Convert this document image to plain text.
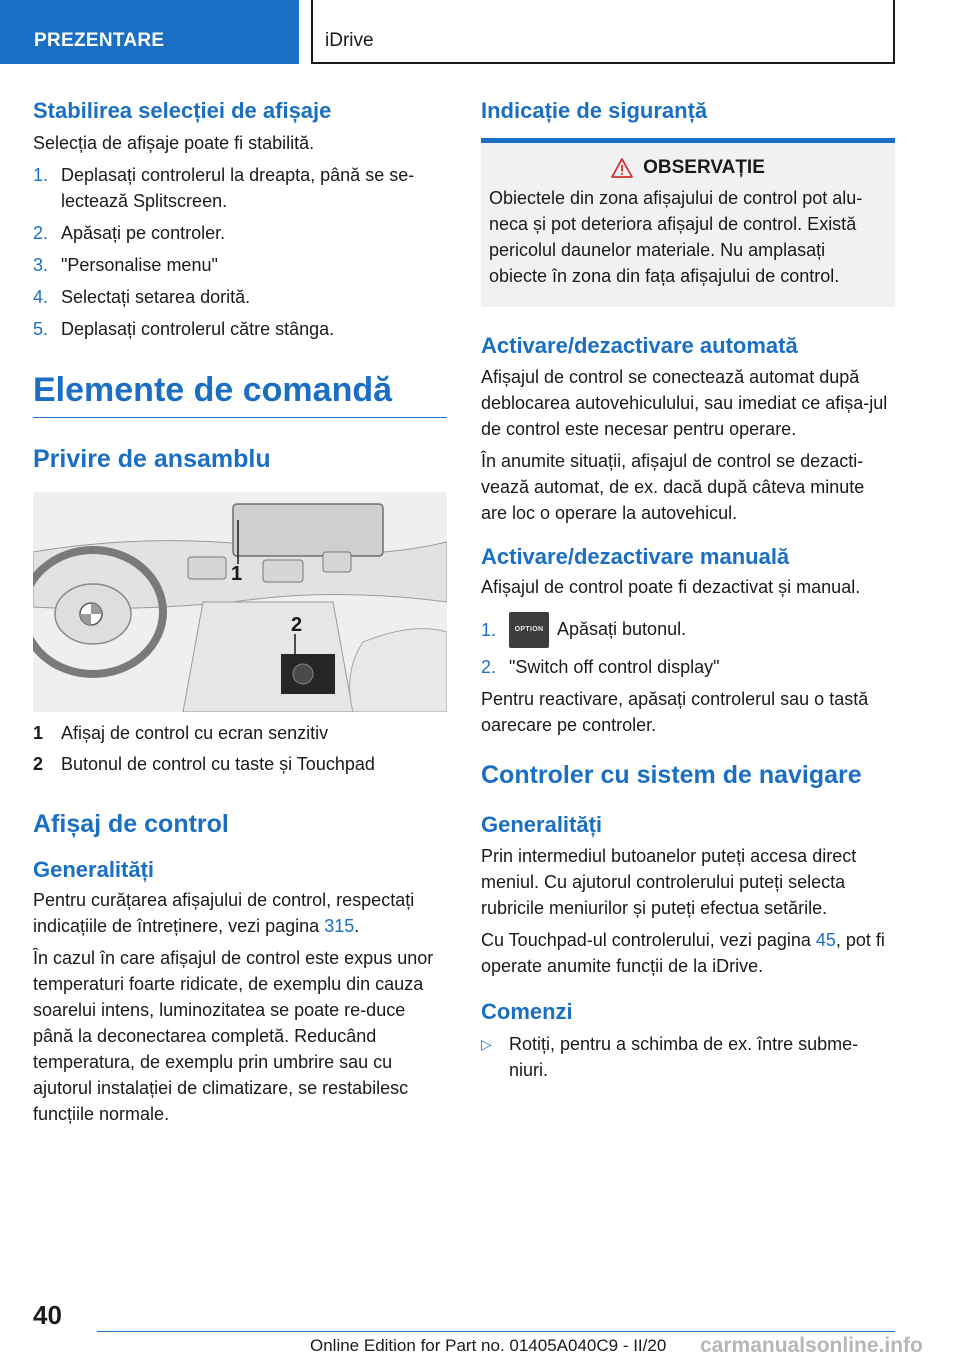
PREZENTARE	iDrive
Stabilirea selecției de afișaje

Selecția de afișaje poate fi stabilită.

1. Deplasați controlerul la dreapta, până se se-lectează Splitscreen.
2. Apăsați pe controler.
3. "Personalise menu"
4. Selectați setarea dorită.
5. Deplasați controlerul către stânga.
Elemente de comandă
Privire de ansamblu
1
2
1 Afișaj de control cu ecran senzitiv
2 Butonul de control cu taste și Touchpad
Afișaj de control
Generalități

Pentru curățarea afișajului de control, respectați indicațiile de întreținere, vezi pagina 315.

În cazul în care afișajul de control este expus unor temperaturi foarte ridicate, de exemplu din cauza soarelui intens, luminozitatea se poate re-duce până la deconectarea completă. Reducând temperatura, de exemplu prin umbrire sau cu ajutorul instalației de climatizare, se restabilesc funcțiile normale.

Indicație de siguranță
OBSERVAȚIE

Obiectele din zona afișajului de control pot alu-neca și pot deteriora afișajul de control. Există pericolul daunelor materiale. Nu amplasați obiecte în zona din fața afișajului de control.

Activare/dezactivare automată

Afișajul de control se conectează automat după deblocarea autovehiculului, sau imediat ce afișa-jul de control este necesar pentru operare.

În anumite situații, afișajul de control se dezacti-vează automat, de ex. dacă după câteva minute are loc o operare la autovehicul.

Activare/dezactivare manuală

Afișajul de control poate fi dezactivat și manual.

1.	OPTION Apăsați butonul.
2. "Switch off control display"

Pentru reactivare, apăsați controlerul sau o tastă oarecare pe controler.

Controler cu sistem de navigare
Generalități

Prin intermediul butoanelor puteți accesa direct meniul. Cu ajutorul controlerului puteți selecta rubricile meniurilor și puteți efectua setările.

Cu Touchpad-ul controlerului, vezi pagina 45, pot fi operate anumite funcții de la iDrive.

Comenzi
▷ Rotiți, pentru a schimba de ex. între subme-niuri.
40
Online Edition for Part no. 01405A040C9 - II/20 carmanualsonline.info
